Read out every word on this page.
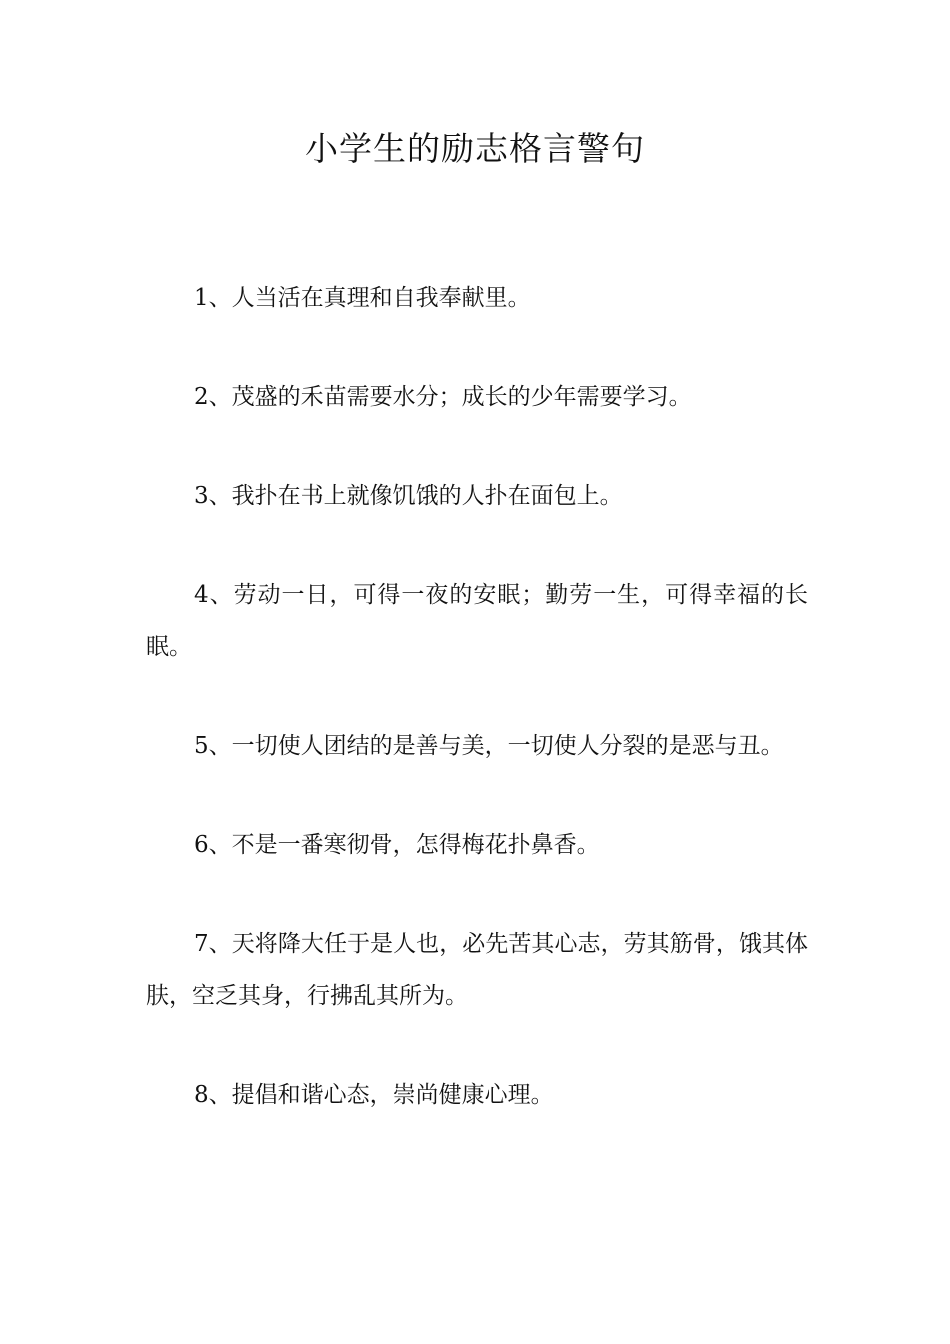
小学生的励志格言警句
1、人当活在真理和自我奉献里。
2、茂盛的禾苗需要水分；成长的少年需要学习。
3、我扑在书上就像饥饿的人扑在面包上。
4、劳动一日，可得一夜的安眠；勤劳一生，可得幸福的长眠。
5、一切使人团结的是善与美，一切使人分裂的是恶与丑。
6、不是一番寒彻骨，怎得梅花扑鼻香。
7、天将降大任于是人也，必先苦其心志，劳其筋骨，饿其体肤，空乏其身，行拂乱其所为。
8、提倡和谐心态，崇尚健康心理。
